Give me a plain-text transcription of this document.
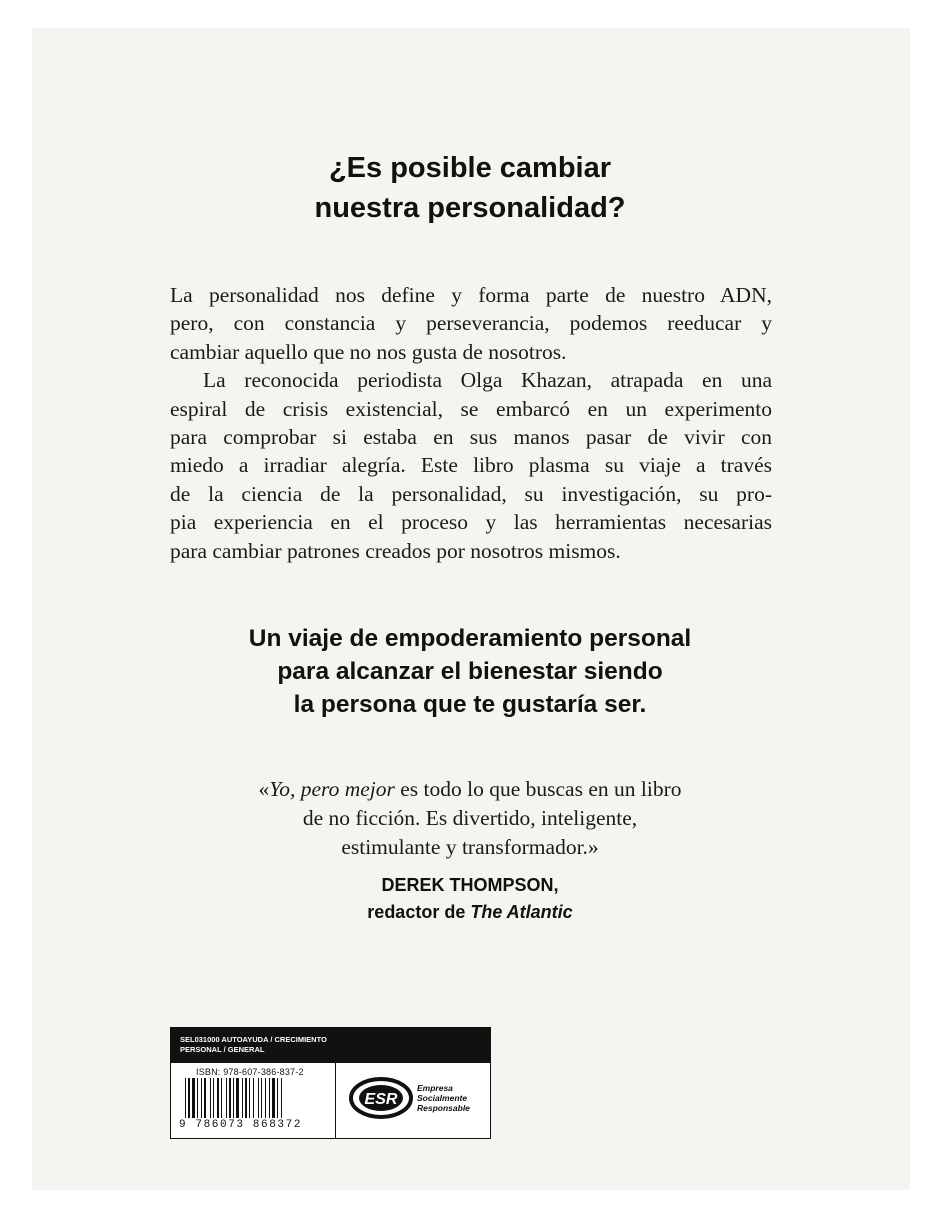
¿Es posible cambiar
nuestra personalidad?
La personalidad nos define y forma parte de nuestro ADN,
pero, con constancia y perseverancia, podemos reeducar y
cambiar aquello que no nos gusta de nosotros.
La reconocida periodista Olga Khazan, atrapada en una
espiral de crisis existencial, se embarcó en un experimento
para comprobar si estaba en sus manos pasar de vivir con
miedo a irradiar alegría. Este libro plasma su viaje a través
de la ciencia de la personalidad, su investigación, su pro-
pia experiencia en el proceso y las herramientas necesarias
para cambiar patrones creados por nosotros mismos.
Un viaje de empoderamiento personal
para alcanzar el bienestar siendo
la persona que te gustaría ser.
«Yo, pero mejor es todo lo que buscas en un libro
de no ficción. Es divertido, inteligente,
estimulante y transformador.»
DEREK THOMPSON,
redactor de The Atlantic
SEL031000 AUTOAYUDA / CRECIMIENTO
PERSONAL / GENERAL
ISBN: 978-607-386-837-2
9 786073 868372
ESR
Empresa
Socialmente
Responsable
